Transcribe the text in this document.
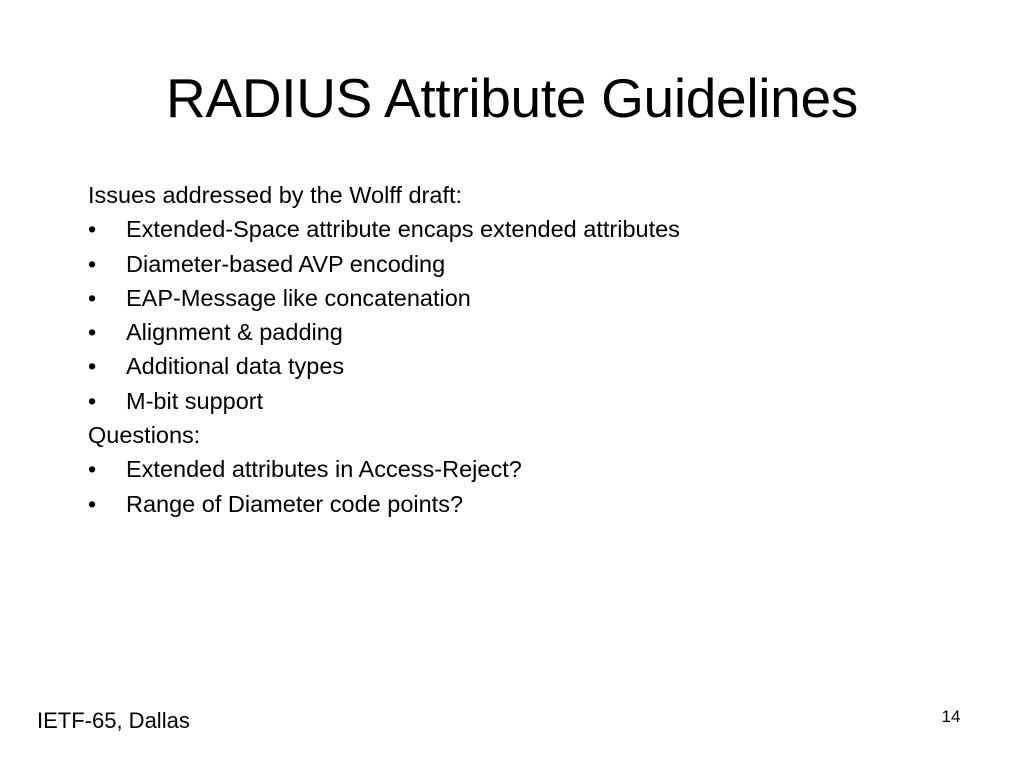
RADIUS Attribute Guidelines

Issues addressed by the Wolff draft:

• Extended-Space attribute encaps extended attributes
• Diameter-based AVP encoding
• EAP-Message like concatenation
• Alignment & padding
• Additional data types
• M-bit support

Questions:

• Extended attributes in Access-Reject?
• Range of Diameter code points?
IETF-65, Dallas	14
